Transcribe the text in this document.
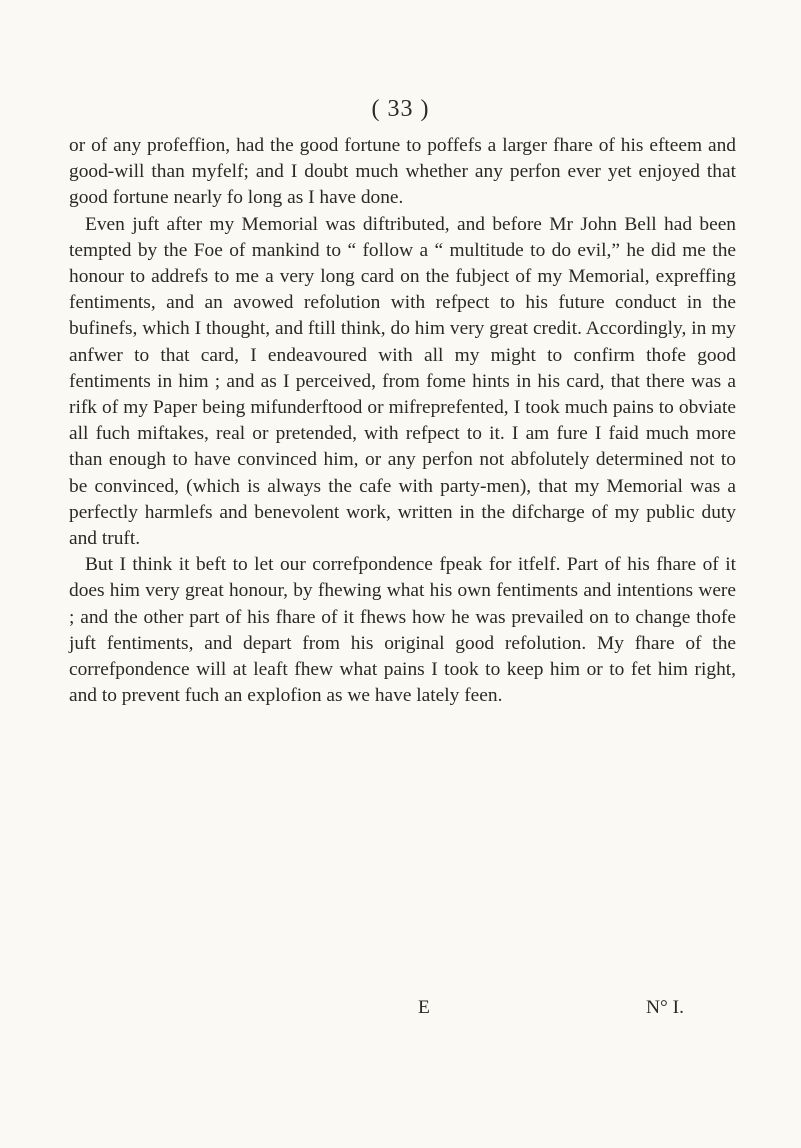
( 33 )

or of any profeffion, had the good fortune to poffefs a larger fhare of his efteem and good-will than myfelf; and I doubt much whether any perfon ever yet enjoyed that good fortune nearly fo long as I have done.

Even juft after my Memorial was diftributed, and before Mr John Bell had been tempted by the Foe of mankind to “ follow a “ multitude to do evil,” he did me the honour to addrefs to me a very long card on the fubject of my Memorial, expreffing fentiments, and an avowed refolution with refpect to his future conduct in the bufinefs, which I thought, and ftill think, do him very great credit. Accordingly, in my anfwer to that card, I endeavoured with all my might to confirm thofe good fentiments in him ; and as I perceived, from fome hints in his card, that there was a rifk of my Paper being mifunderftood or mifreprefented, I took much pains to obviate all fuch miftakes, real or pretended, with refpect to it. I am fure I faid much more than enough to have convinced him, or any perfon not abfolutely determined not to be convinced, (which is always the cafe with party-men), that my Memorial was a perfectly harmlefs and benevolent work, written in the difcharge of my public duty and truft.

But I think it beft to let our correfpondence fpeak for itfelf. Part of his fhare of it does him very great honour, by fhewing what his own fentiments and intentions were ; and the other part of his fhare of it fhews how he was prevailed on to change thofe juft fentiments, and depart from his original good refolution. My fhare of the correfpondence will at leaft fhew what pains I took to keep him or to fet him right, and to prevent fuch an explofion as we have lately feen.

E	N° I.
